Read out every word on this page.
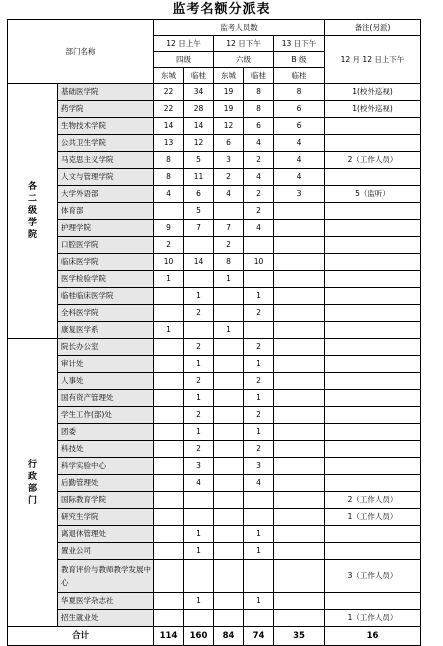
监考名额分派表
部门名称		监考人员数					备注(另派)
		12 日上午		12 日下午		13 日下午	12 月 12 日上下午
		四级		六级		B 级	
		东城	临桂	东城	临桂	临桂	

各
二
级
学
院	基础医学院	22	34	19	8	8	1(校外巡视)
	药学院	22	28	19	8	6	1(校外巡视)
	生物技术学院	14	14	12	6	6	
	公共卫生学院	13	12	6	4	4	
	马克思主义学院	8	5	3	2	4	2（工作人员）
	人文与管理学院	8	11	2	4	4	
	大学外语部	4	6	4	2	3	5（监听）
	体育部		5		2		
	护理学院	9	7	7	4		
	口腔医学院	2		2			
	临床医学院	10	14	8	10		
	医学检验学院	1		1			
	临桂临床医学院		1		1		
	全科医学院		2		2		
	康复医学系	1		1			

行
政
部
门	院长办公室		2		2		
	审计处		1		1		
	人事处		2		2		
	国有资产管理处		1		1		
	学生工作(部)处		2		2		
	团委		1		1		
	科技处		2		2		
	科学实验中心		3		3		
	后勤管理处		4		4		
	国际教育学院						2（工作人员）
	研究生学院						1（工作人员）
	离退休管理处		1		1		
	置业公司		1		1		
	教育评价与教师教学发展中心						3（工作人员）
	华夏医学杂志社		1		1		
	招生就业处						1（工作人员）
合计		114	160	84	74	35	16
